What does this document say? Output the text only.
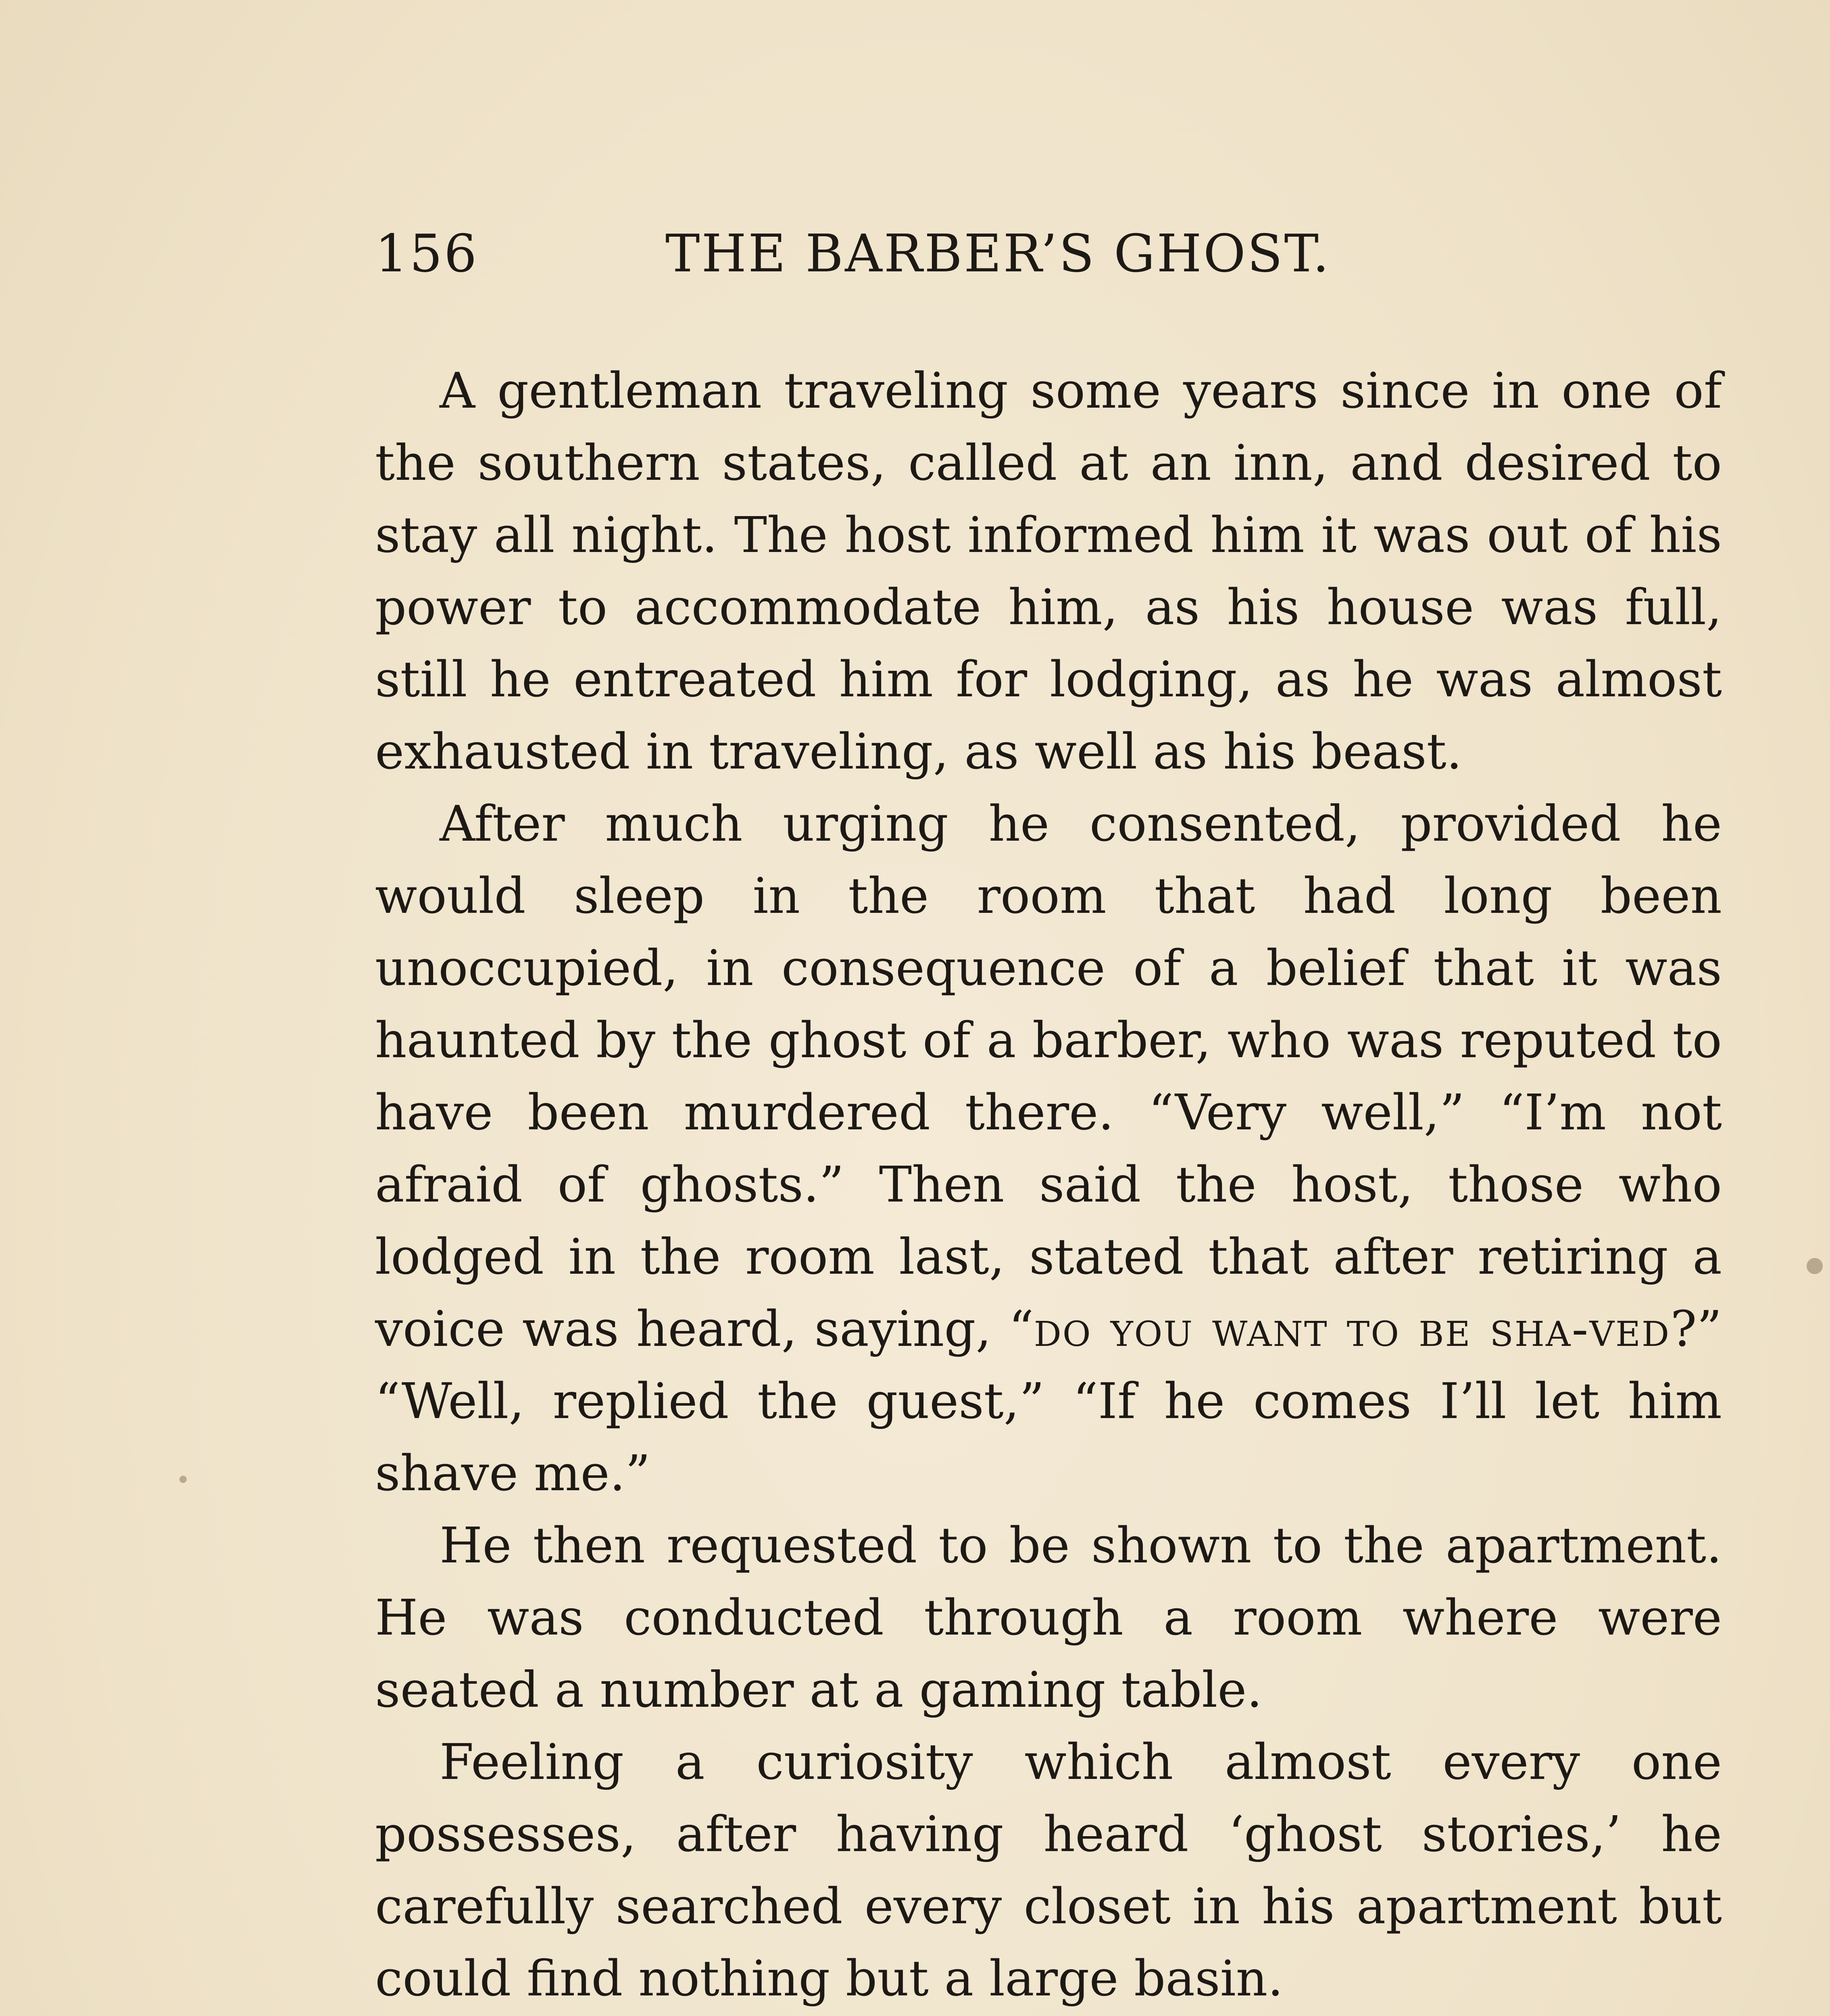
156	THE BARBER’S GHOST.

A gentleman traveling some years since in one of the southern states, called at an inn, and desired to stay all night. The host informed him it was out of his power to accommodate him, as his house was full, still he entreated him for lodging, as he was almost exhausted in traveling, as well as his beast.

After much urging he consented, provided he would sleep in the room that had long been unoccupied, in consequence of a belief that it was haunted by the ghost of a barber, who was reputed to have been murdered there. “Very well,” “I’m not afraid of ghosts.” Then said the host, those who lodged in the room last, stated that after retiring a voice was heard, saying, “do you want to be sha-ved?” “Well, replied the guest,” “If he comes I’ll let him shave me.”

He then requested to be shown to the apartment. He was conducted through a room where were seated a number at a gaming table.

Feeling a curiosity which almost every one possesses, after having heard ‘ghost stories,’ he carefully searched every closet in his apartment but could find nothing but a large basin.
